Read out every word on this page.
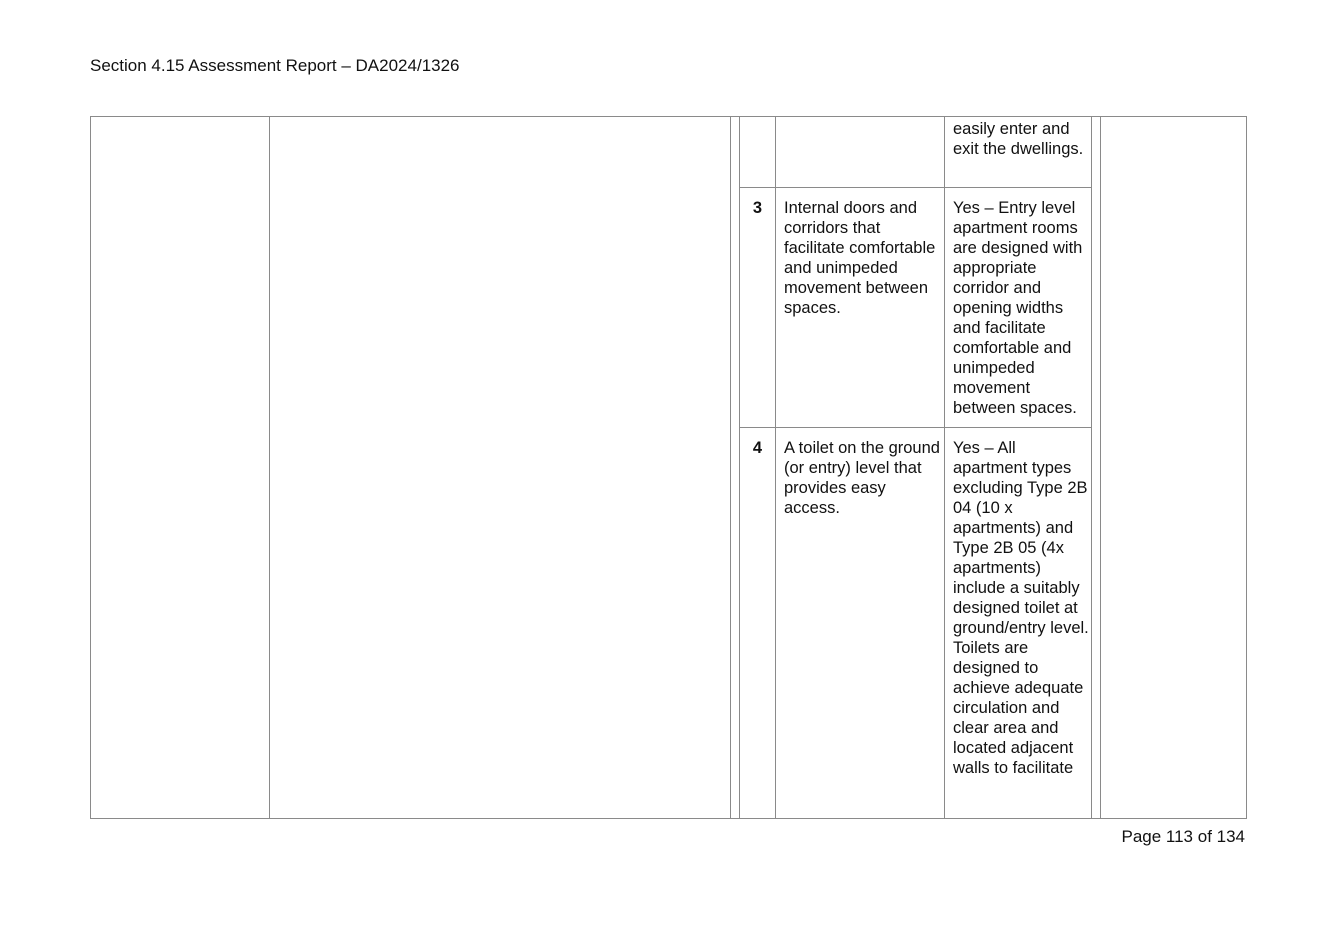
Section 4.15 Assessment Report – DA2024/1326
easily enter and exit the dwellings.
3	Internal doors and corridors that facilitate comfortable and unimpeded movement between spaces.
Yes – Entry level apartment rooms are designed with appropriate corridor and opening widths and facilitate comfortable and unimpeded movement between spaces.
4	A toilet on the ground (or entry) level that provides easy access.
Yes – All apartment types excluding Type 2B 04 (10 x apartments) and Type 2B 05 (4x apartments) include a suitably designed toilet at ground/entry level. Toilets are designed to achieve adequate circulation and clear area and located adjacent walls to facilitate
Page 113 of 134
